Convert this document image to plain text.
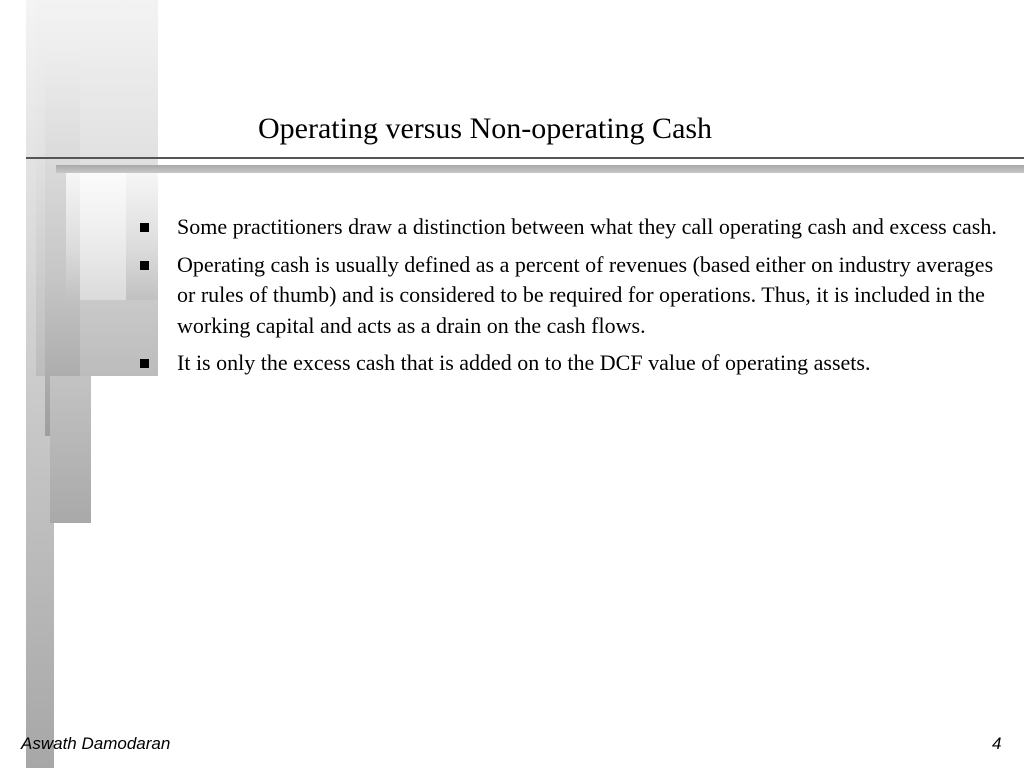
Operating versus Non-operating Cash
Some practitioners draw a distinction between what they call operating cash and excess cash.
Operating cash is usually defined as a percent of revenues (based either on industry averages or rules of thumb) and is considered to be required for operations. Thus, it is included in the working capital and acts as a drain on the cash flows.
It is only the excess cash that is added on to the DCF value of operating assets.
Aswath Damodaran	4
